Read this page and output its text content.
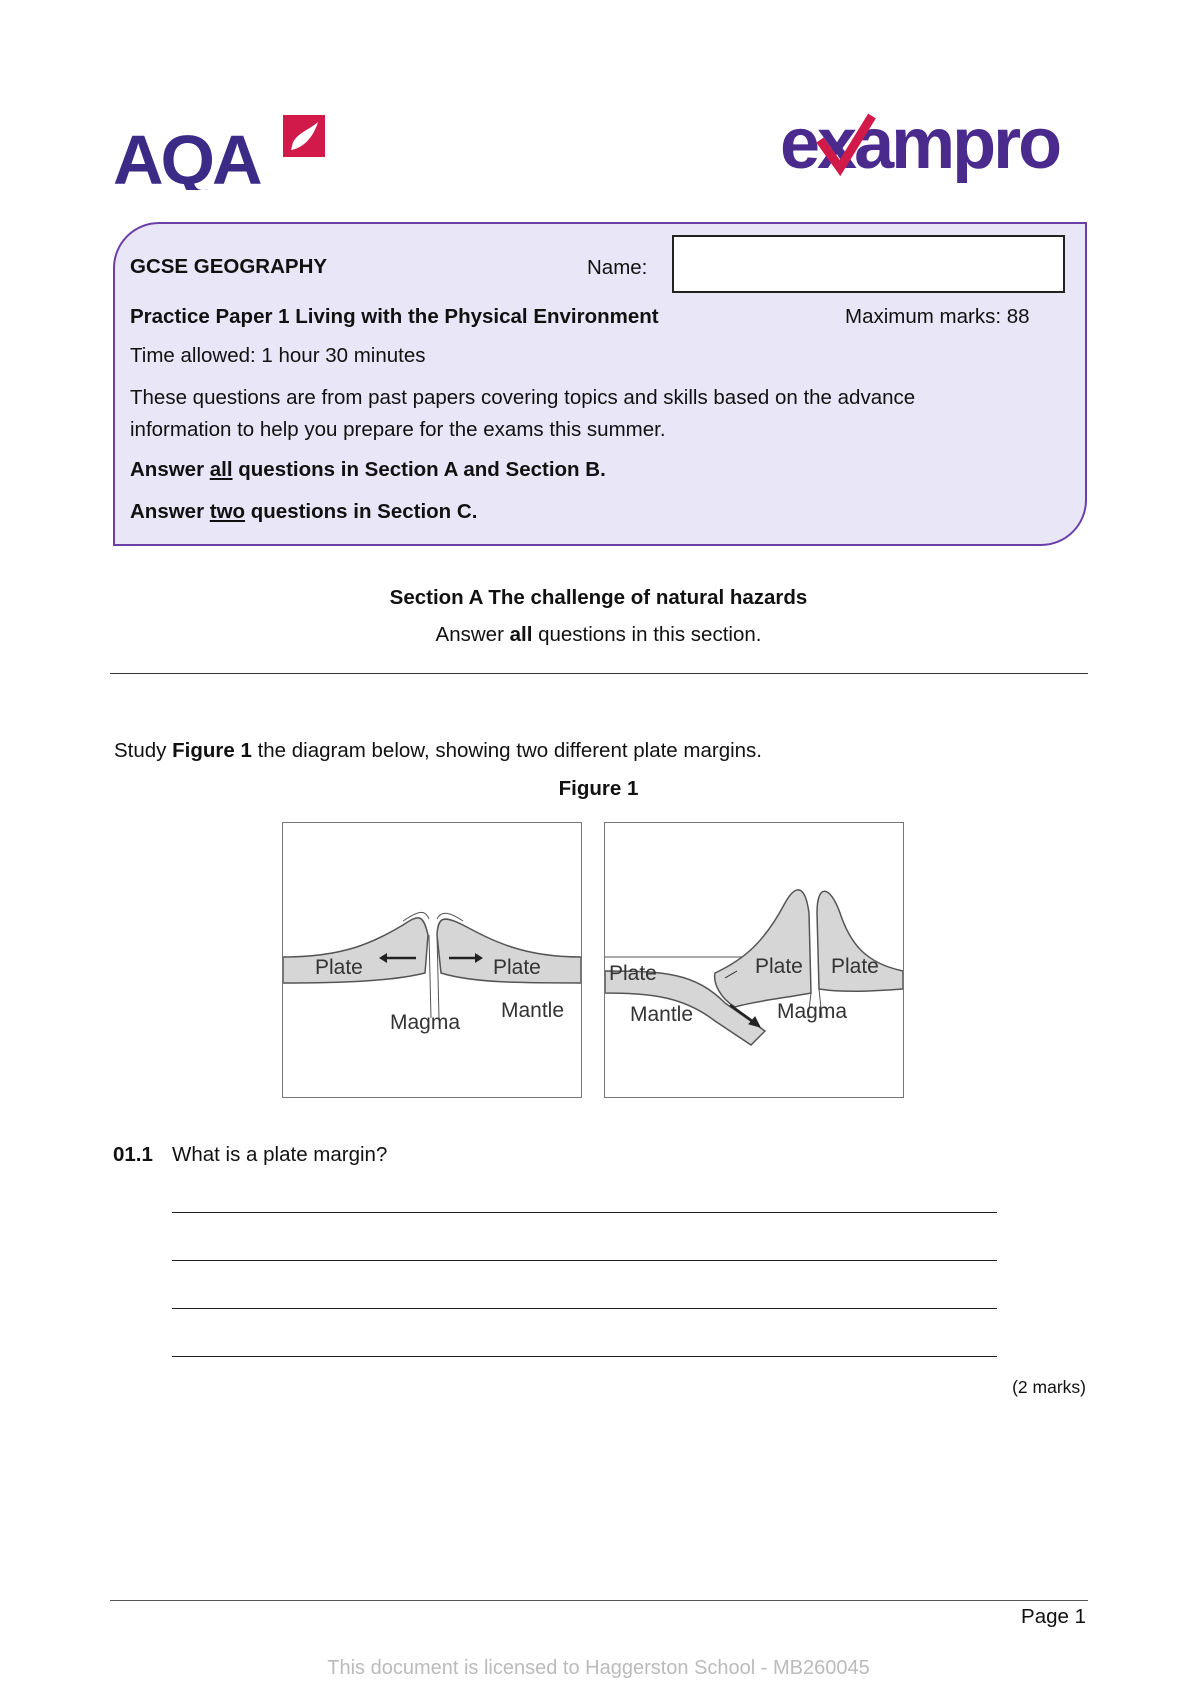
AQA	exampro
GCSE GEOGRAPHY	Name:
Practice Paper 1 Living with the Physical Environment	Maximum marks: 88
Time allowed: 1 hour 30 minutes
These questions are from past papers covering topics and skills based on the advance
information to help you prepare for the exams this summer.
Answer all questions in Section A and Section B.
Answer two questions in Section C.
Section A The challenge of natural hazards
Answer all questions in this section.
Study Figure 1 the diagram below, showing two different plate margins.
Figure 1
Plate	Plate
Magma
Mantle
Plate	Plate Plate
Mantle	Magma
01.1 What is a plate margin?
(2 marks)
Page 1
This document is licensed to Haggerston School - MB260045
